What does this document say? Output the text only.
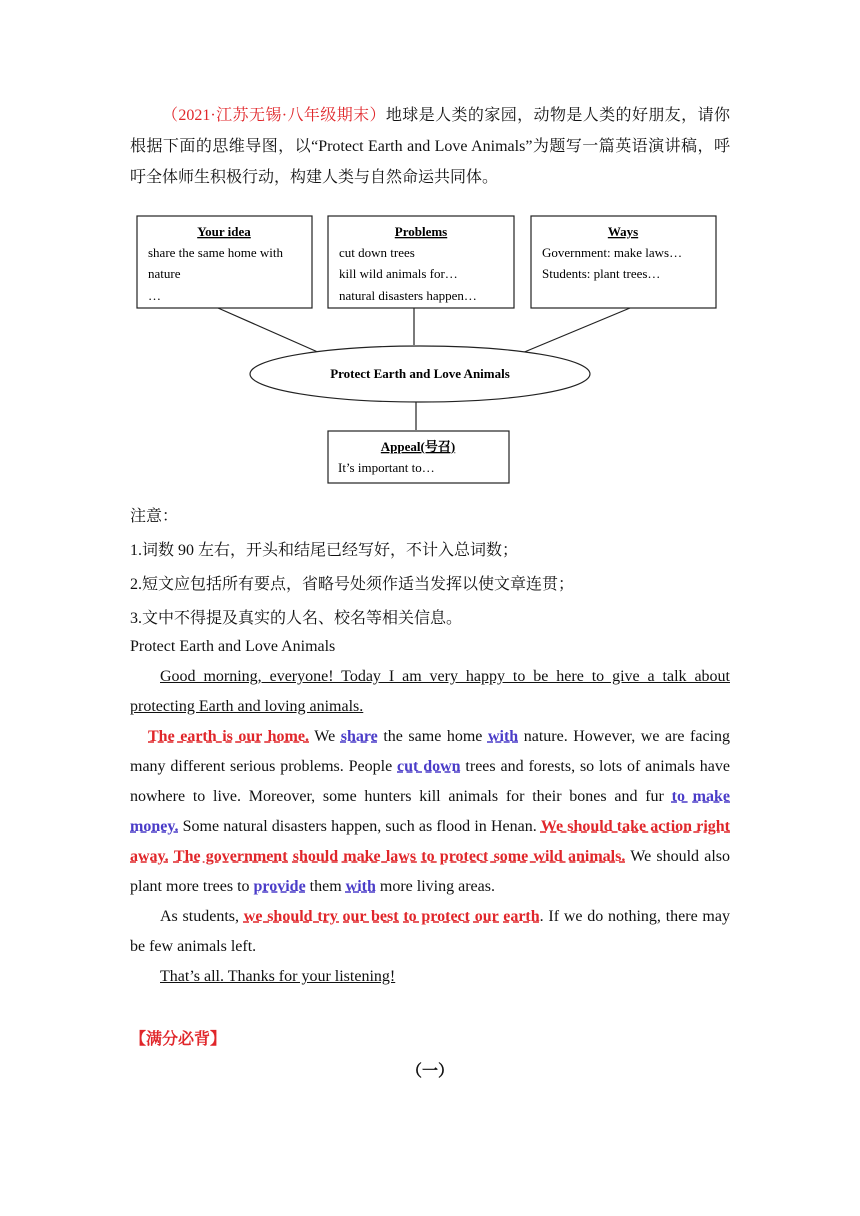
（2021·江苏无锡·八年级期末）地球是人类的家园，动物是人类的好朋友，请你根据下面的思维导图，以“Protect Earth and Love Animals”为题写一篇英语演讲稿，呼吁全体师生积极行动，构建人类与自然命运共同体。
Your idea
share the same home with
nature
…
Problems
cut down trees
kill wild animals for…
natural disasters happen…
Ways
Government: make laws…
Students: plant trees…
Protect Earth and Love Animals
Appeal(号召)
It’s important to…
注意：
1.词数 90 左右，开头和结尾已经写好，不计入总词数；
2.短文应包括所有要点，省略号处须作适当发挥以使文章连贯；
3.文中不得提及真实的人名、校名等相关信息。
Protect Earth and Love Animals

Good morning, everyone! Today I am very happy to be here to give a talk about protecting Earth and loving animals.

The earth is our home. We share the same home with nature. However, we are facing many different serious problems. People cut down trees and forests, so lots of animals have nowhere to live. Moreover, some hunters kill animals for their bones and fur to make money. Some natural disasters happen, such as flood in Henan. We should take action right away. The government should make laws to protect some wild animals. We should also plant more trees to provide them with more living areas.

As students, we should try our best to protect our earth. If we do nothing, there may be few animals left.

That’s all. Thanks for your listening!

【满分必背】
（一）
